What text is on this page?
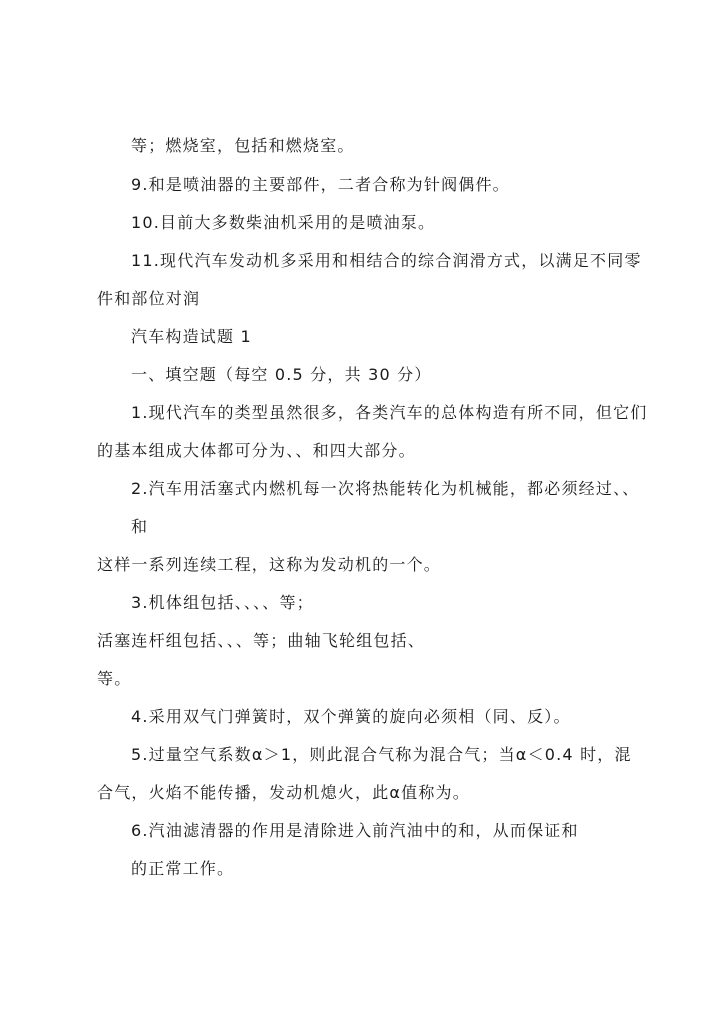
等；燃烧室，包括和燃烧室。
9.和是喷油器的主要部件，二者合称为针阀偶件。
10.目前大多数柴油机采用的是喷油泵。
11.现代汽车发动机多采用和相结合的综合润滑方式，以满足不同零
件和部位对润
汽车构造试题 1
一、填空题（每空 0.5 分，共 30 分）
1.现代汽车的类型虽然很多，各类汽车的总体构造有所不同，但它们
的基本组成大体都可分为、、和四大部分。
2.汽车用活塞式内燃机每一次将热能转化为机械能，都必须经过、、
和
这样一系列连续工程，这称为发动机的一个。
3.机体组包括、、、、等；
活塞连杆组包括、、、等；曲轴飞轮组包括、
等。
4.采用双气门弹簧时，双个弹簧的旋向必须相（同、反）。
5.过量空气系数α＞1，则此混合气称为混合气；当α＜0.4 时，混
合气，火焰不能传播，发动机熄火，此α值称为。
6.汽油滤清器的作用是清除进入前汽油中的和，从而保证和
的正常工作。
